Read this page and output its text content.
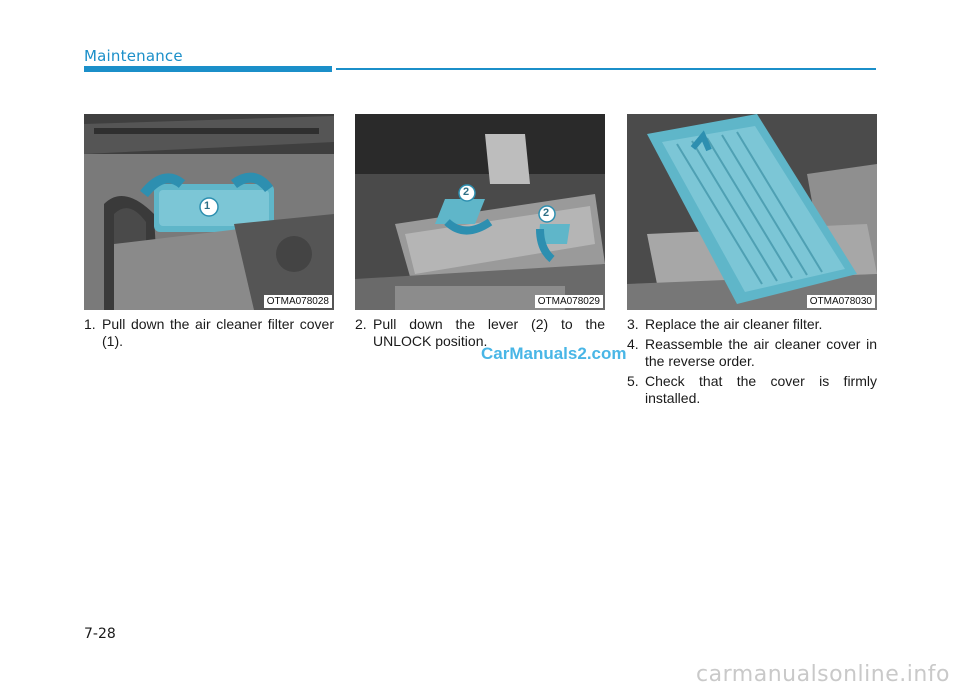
Maintenance
1
OTMA078028
2
2
OTMA078029	OTMA078030
1. Pull down the air cleaner filter cover (1).
2. Pull down the lever (2) to the UNLOCK position.
3. Replace the air cleaner filter.
4. Reassemble the air cleaner cover in the reverse order.
5. Check that the cover is firmly installed.
CarManuals2.com
7-28
carmanualsonline.info
